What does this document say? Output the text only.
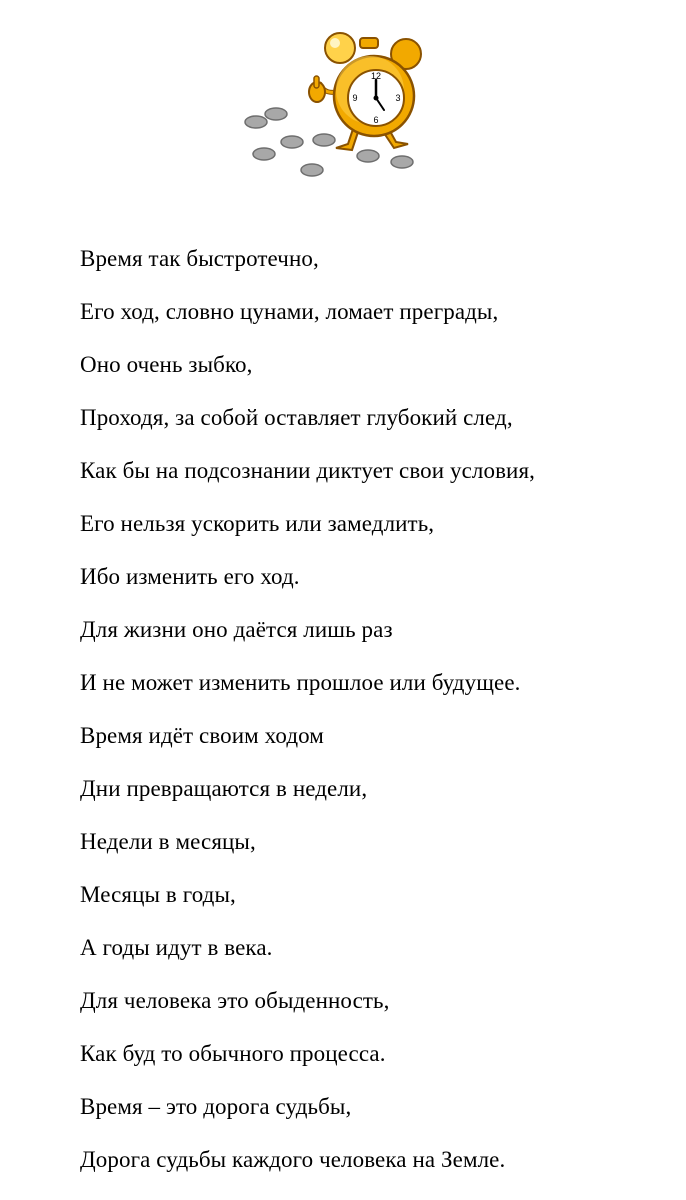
12
3
6
9
Время так быстротечно,
Его ход, словно цунами, ломает преграды,
Оно очень зыбко,
Проходя, за собой оставляет глубокий след,
Как бы на подсознании диктует свои условия,
Его нельзя ускорить или замедлить,
Ибо изменить его ход.
Для жизни оно даётся лишь раз
И не может изменить прошлое или будущее.
Время идёт своим ходом
Дни превращаются в недели,
Недели в месяцы,
Месяцы в годы,
А годы идут в века.
Для человека это обыденность,
Как буд то обычного процесса.
Время – это дорога судьбы,
Дорога судьбы каждого человека на Земле.
